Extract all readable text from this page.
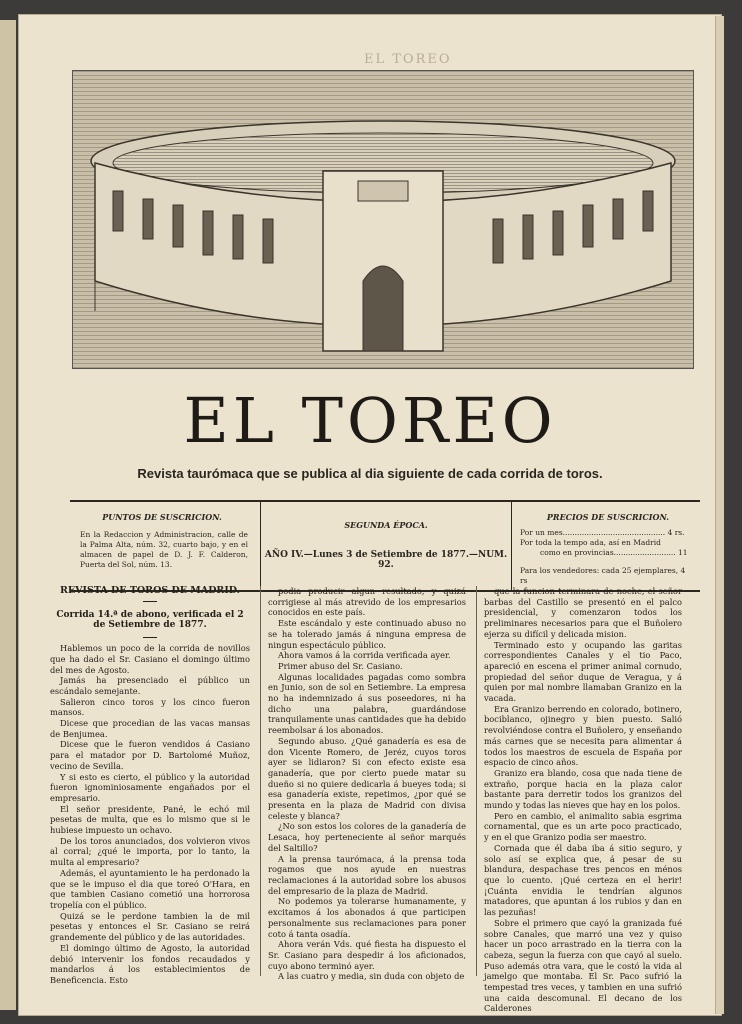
EL TOREO
EL TOREO
Revista taurómaca que se publica al dia siguiente de cada corrida de toros.
PUNTOS DE SUSCRICION.
En la Redaccion y Administracion, calle de la Palma Alta, núm. 32, cuarto bajo, y en el almacen de papel de D. J. F. Calderon, Puerta del Sol, núm. 13.
SEGUNDA ÉPOCA.
AÑO IV.—Lunes 3 de Setiembre de 1877.—NUM. 92.
PRECIOS DE SUSCRICION.
Por un mes........................................... 4 rs.
Por toda la tempo ada, así en Madrid
como en provincias.......................... 11
Para los vendedores: cada 25 ejemplares, 4 rs

REVISTA DE TOROS DE MADRID.

Corrida 14.ª de abono, verificada el 2 de Setiembre de 1877.

Hablemos un poco de la corrida de novillos que ha dado el Sr. Casiano el domingo último del mes de Agosto.

Jamás ha presenciado el público un escándalo semejante.

Salieron cinco toros y los cinco fueron mansos.

Dicese que procedian de las vacas mansas de Benjumea.

Dicese que le fueron vendidos á Casiano para el matador por D. Bartolomé Muñoz, vecino de Sevilla.

Y si esto es cierto, el público y la autoridad fueron ignominiosamente engañados por el empresario.

El señor presidente, Pané, le echó mil pesetas de multa, que es lo mismo que si le hubiese impuesto un ochavo.

De los toros anunciados, dos volvieron vivos al corral; ¿qué le importa, por lo tanto, la multa al empresario?

Además, el ayuntamiento le ha perdonado la que se le impuso el dia que toreó O'Hara, en que tambien Casiano cometió una horrorosa tropelía con el público.

Quizá se le perdone tambien la de mil pesetas y entonces el Sr. Casiano se reirá grandemente del público y de las autoridades.

El domingo último de Agosto, la autoridad debió intervenir los fondos recaudados y mandarlos á los establecimientos de Beneficencia. Esto

podia producir algun resultado, y quizá corrigiese al más atrevido de los empresarios conocidos en este país.

Este escándalo y este continuado abuso no se ha tolerado jamás á ninguna empresa de ningun espectáculo público.

Ahora vamos á la corrida verificada ayer.

Primer abuso del Sr. Casiano.

Algunas localidades pagadas como sombra en Junio, son de sol en Setiembre. La empresa no ha indemnizado á sus poseedores, ni ha dicho una palabra, guardándose tranquilamente unas cantidades que ha debido reembolsar á los abonados.

Segundo abuso. ¿Qué ganadería es esa de don Vicente Romero, de Jeréz, cuyos toros ayer se lidiaron? Si con efecto existe esa ganadería, que por cierto puede matar su dueño si no quiere dedicarla á bueyes toda; si esa ganadería existe, repetimos, ¿por qué se presenta en la plaza de Madrid con divisa celeste y blanca?

¿No son estos los colores de la ganadería de Lesaca, hoy perteneciente al señor marqués del Saltillo?

A la prensa taurómaca, á la prensa toda rogamos que nos ayude en nuestras reclamaciones á la autoridad sobre los abusos del empresario de la plaza de Madrid.

No podemos ya tolerarse humanamente, y excitamos á los abonados á que participen personalmente sus reclamaciones para poner coto á tanta osadía.

Ahora verán Vds. qué fiesta ha dispuesto el Sr. Casiano para despedir á los aficionados, cuyo abono terminó ayer.

A las cuatro y media, sin duda con objeto de

que la funcion terminara de noche, el señor barbas del Castillo se presentó en el palco presidencial, y comenzaron todos los preliminares necesarios para que el Buñolero ejerza su difícil y delicada mision.

Terminado esto y ocupando las garitas correspondientes Canales y el tio Paco, apareció en escena el primer animal cornudo, propiedad del señor duque de Veragua, y á quien por mal nombre llamaban Granizo en la vacada.

Era Granizo berrendo en colorado, botinero, bociblanco, ojinegro y bien puesto. Salió revolviéndose contra el Buñolero, y enseñando más carnes que se necesita para alimentar á todos los maestros de escuela de España por espacio de cinco años.

Granizo era blando, cosa que nada tiene de extraño, porque hacia en la plaza calor bastante para derretir todos los granizos del mundo y todas las nieves que hay en los polos.

Pero en cambio, el animalito sabia esgrima cornamental, que es un arte poco practicado, y en el que Granizo podia ser maestro.

Cornada que él daba iba á sitio seguro, y solo así se explica que, á pesar de su blandura, despachase tres pencos en ménos que lo cuento. ¡Qué certeza en el herir! ¡Cuánta envidia le tendrían algunos matadores, que apuntan á los rubios y dan en las pezuñas!

Sobre el primero que cayó la granizada fué sobre Canales, que marró una vez y quiso hacer un poco arrastrado en la tierra con la cabeza, segun la fuerza con que cayó al suelo. Puso además otra vara, que le costó la vida al jamelgo que montaba. El Sr. Paco sufrió la tempestad tres veces, y tambien en una sufrió una caida descomunal. El decano de los Calderones
